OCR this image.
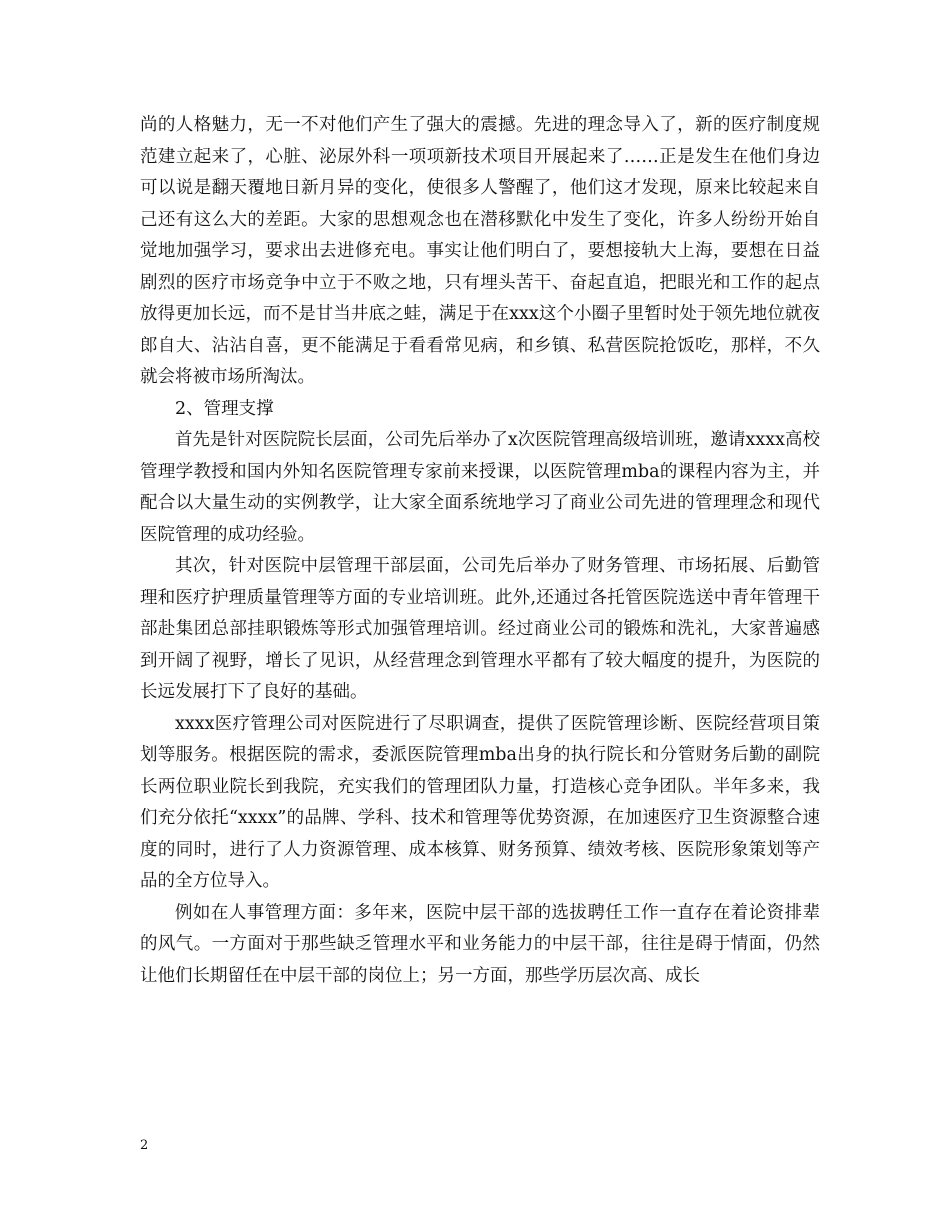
尚的人格魅力，无一不对他们产生了强大的震撼。先进的理念导入了，新的医疗制度规范建立起来了，心脏、泌尿外科一项项新技术项目开展起来了……正是发生在他们身边可以说是翻天覆地日新月异的变化，使很多人警醒了，他们这才发现，原来比较起来自己还有这么大的差距。大家的思想观念也在潜移默化中发生了变化，许多人纷纷开始自觉地加强学习，要求出去进修充电。事实让他们明白了，要想接轨大上海，要想在日益剧烈的医疗市场竞争中立于不败之地，只有埋头苦干、奋起直追，把眼光和工作的起点放得更加长远，而不是甘当井底之蛙，满足于在xxx这个小圈子里暂时处于领先地位就夜郎自大、沾沾自喜，更不能满足于看看常见病，和乡镇、私营医院抢饭吃，那样，不久就会将被市场所淘汰。

2、管理支撑

首先是针对医院院长层面，公司先后举办了x次医院管理高级培训班，邀请xxxx高校管理学教授和国内外知名医院管理专家前来授课，以医院管理mba的课程内容为主，并配合以大量生动的实例教学，让大家全面系统地学习了商业公司先进的管理理念和现代医院管理的成功经验。

其次，针对医院中层管理干部层面，公司先后举办了财务管理、市场拓展、后勤管理和医疗护理质量管理等方面的专业培训班。此外,还通过各托管医院选送中青年管理干部赴集团总部挂职锻炼等形式加强管理培训。经过商业公司的锻炼和洗礼，大家普遍感到开阔了视野，增长了见识，从经营理念到管理水平都有了较大幅度的提升，为医院的长远发展打下了良好的基础。

xxxx医疗管理公司对医院进行了尽职调查，提供了医院管理诊断、医院经营项目策划等服务。根据医院的需求，委派医院管理mba出身的执行院长和分管财务后勤的副院长两位职业院长到我院，充实我们的管理团队力量，打造核心竞争团队。半年多来，我们充分依托“xxxx”的品牌、学科、技术和管理等优势资源，在加速医疗卫生资源整合速度的同时，进行了人力资源管理、成本核算、财务预算、绩效考核、医院形象策划等产品的全方位导入。

例如在人事管理方面：多年来，医院中层干部的选拔聘任工作一直存在着论资排辈的风气。一方面对于那些缺乏管理水平和业务能力的中层干部，往往是碍于情面，仍然让他们长期留任在中层干部的岗位上；另一方面，那些学历层次高、成长

2
